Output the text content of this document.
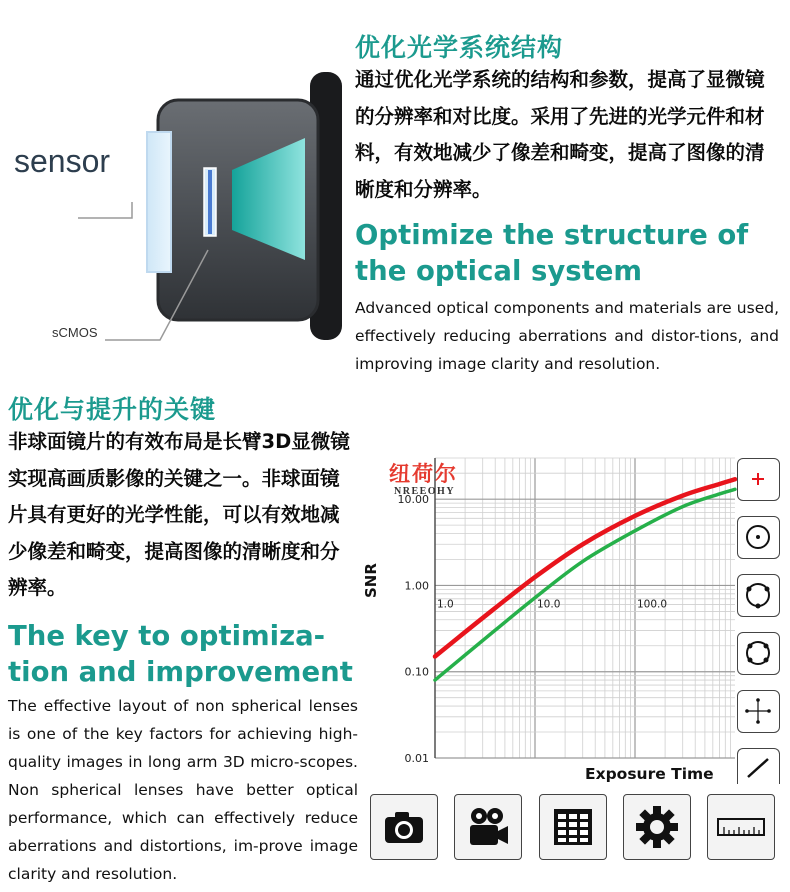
sensor
sCMOS
优化光学系统结构
通过优化光学系统的结构和参数，提高了显微镜的分辨率和对比度。采用了先进的光学元件和材料，有效地减少了像差和畸变，提高了图像的清晰度和分辨率。
Optimize the structure of the optical system
Advanced optical components and materials are used, effectively reducing aberrations and distor-tions, and improving image clarity and resolution.
优化与提升的关键
非球面镜片的有效布局是长臂3D显微镜实现高画质影像的关键之一。非球面镜片具有更好的光学性能，可以有效地减少像差和畸变，提高图像的清晰度和分辨率。
The key to optimiza-
tion and improvement
The effective layout of non spherical lenses is one of the key factors for achieving high-quality images in long arm 3D micro-scopes. Non spherical lenses have better optical performance, which can effectively reduce aberrations and distortions, im-prove image clarity and resolution.
10.00
1.00
0.10
0.01
1.0	10.0	100.0
纽荷尔
NREEOHY
SNR
Exposure Time
